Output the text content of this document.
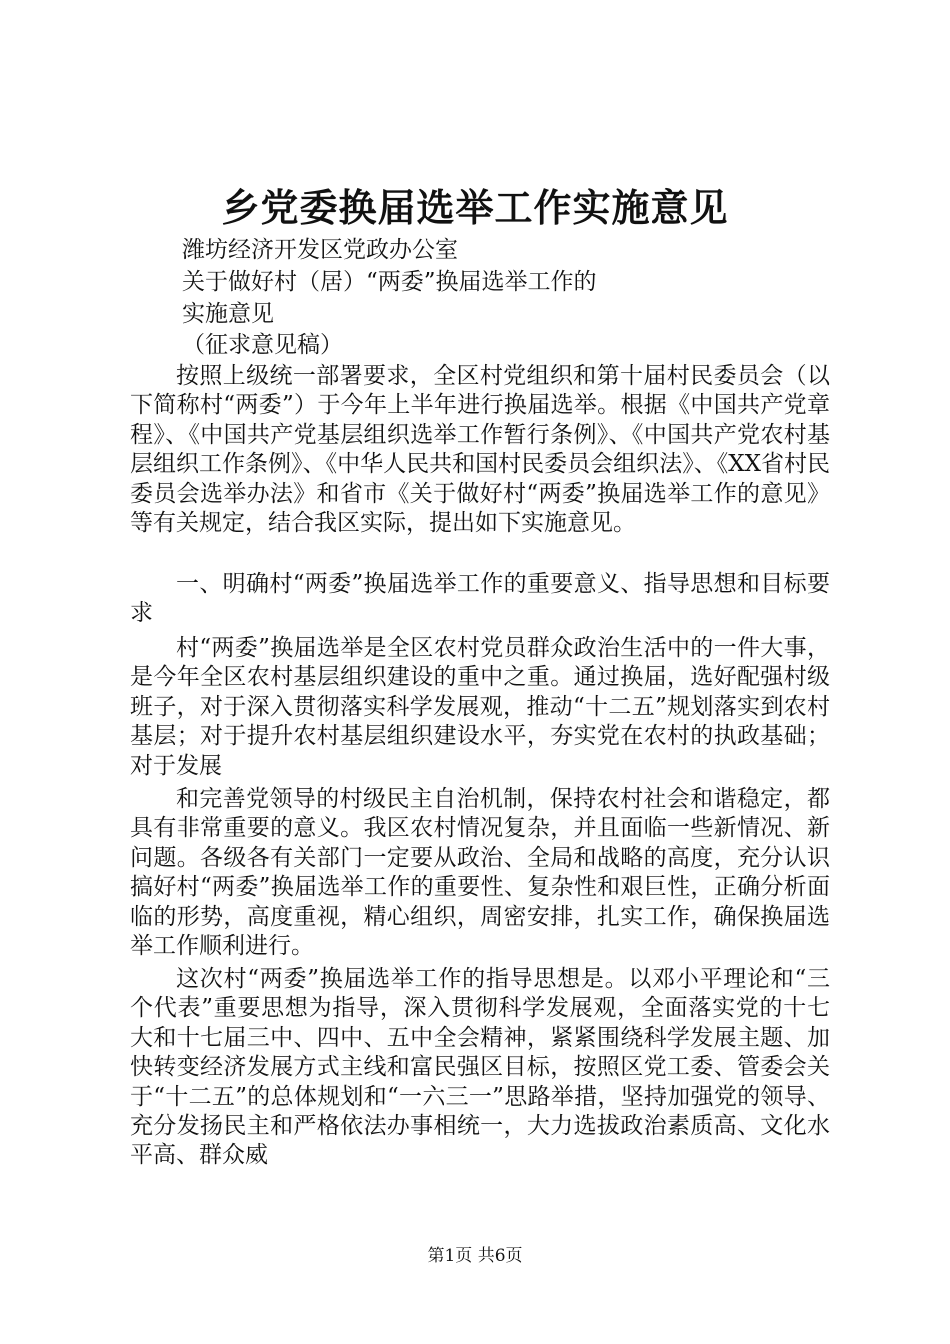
乡党委换届选举工作实施意见
潍坊经济开发区党政办公室
关于做好村（居）“两委”换届选举工作的
实施意见
（征求意见稿）
按照上级统一部署要求，全区村党组织和第十届村民委员会（以下简称村“两委”）于今年上半年进行换届选举。根据《中国共产党章程》、《中国共产党基层组织选举工作暂行条例》、《中国共产党农村基层组织工作条例》、《中华人民共和国村民委员会组织法》、《XX省村民委员会选举办法》和省市《关于做好村“两委”换届选举工作的意见》等有关规定，结合我区实际，提出如下实施意见。
一、明确村“两委”换届选举工作的重要意义、指导思想和目标要求
村“两委”换届选举是全区农村党员群众政治生活中的一件大事，是今年全区农村基层组织建设的重中之重。通过换届，选好配强村级班子，对于深入贯彻落实科学发展观，推动“十二五”规划落实到农村基层；对于提升农村基层组织建设水平，夯实党在农村的执政基础；对于发展
和完善党领导的村级民主自治机制，保持农村社会和谐稳定，都具有非常重要的意义。我区农村情况复杂，并且面临一些新情况、新问题。各级各有关部门一定要从政治、全局和战略的高度，充分认识搞好村“两委”换届选举工作的重要性、复杂性和艰巨性，正确分析面临的形势，高度重视，精心组织，周密安排，扎实工作，确保换届选举工作顺利进行。
这次村“两委”换届选举工作的指导思想是。以邓小平理论和“三个代表”重要思想为指导，深入贯彻科学发展观，全面落实党的十七大和十七届三中、四中、五中全会精神，紧紧围绕科学发展主题、加快转变经济发展方式主线和富民强区目标，按照区党工委、管委会关于“十二五”的总体规划和“一六三一”思路举措，坚持加强党的领导、充分发扬民主和严格依法办事相统一，大力选拔政治素质高、文化水平高、群众威
第1页 共6页
